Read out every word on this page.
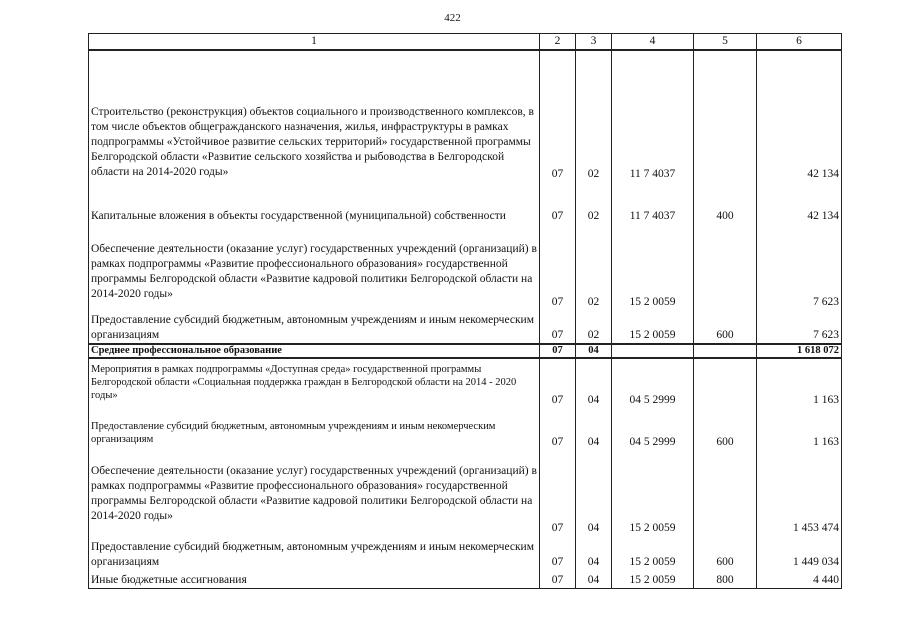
422
1	2	3	4	5	6
Строительство (реконструкция) объектов социального и производственного комплексов, в том числе объектов общегражданского назначения, жилья, инфраструктуры в рамках подпрограммы «Устойчивое развитие сельских территорий» государственной программы Белгородской области «Развитие сельского хозяйства и рыбоводства в Белгородской области на 2014-2020 годы»	07	02	11 7 4037		42 134
Капитальные вложения в объекты государственной (муниципальной) собственности	07	02	11 7 4037	400	42 134
Обеспечение деятельности (оказание услуг) государственных учреждений (организаций) в рамках подпрограммы «Развитие профессионального образования» государственной программы Белгородской области «Развитие кадровой политики Белгородской области на 2014-2020 годы»	07	02	15 2 0059		7 623
Предоставление субсидий бюджетным, автономным учреждениям и иным некомерческим организациям	07	02	15 2 0059	600	7 623
Среднее профессиональное образование	07	04			1 618 072
Мероприятия в рамках подпрограммы «Доступная среда» государственной программы Белгородской области «Социальная поддержка граждан в Белгородской области на 2014 - 2020 годы»	07	04	04 5 2999		1 163
Предоставление субсидий бюджетным, автономным учреждениям и иным некомерческим организациям	07	04	04 5 2999	600	1 163
Обеспечение деятельности (оказание услуг) государственных учреждений (организаций) в рамках подпрограммы «Развитие профессионального образования» государственной программы Белгородской области «Развитие кадровой политики Белгородской области на 2014-2020 годы»	07	04	15 2 0059		1 453 474
Предоставление субсидий бюджетным, автономным учреждениям и иным некомерческим организациям	07	04	15 2 0059	600	1 449 034
Иные бюджетные ассигнования	07	04	15 2 0059	800	4 440
